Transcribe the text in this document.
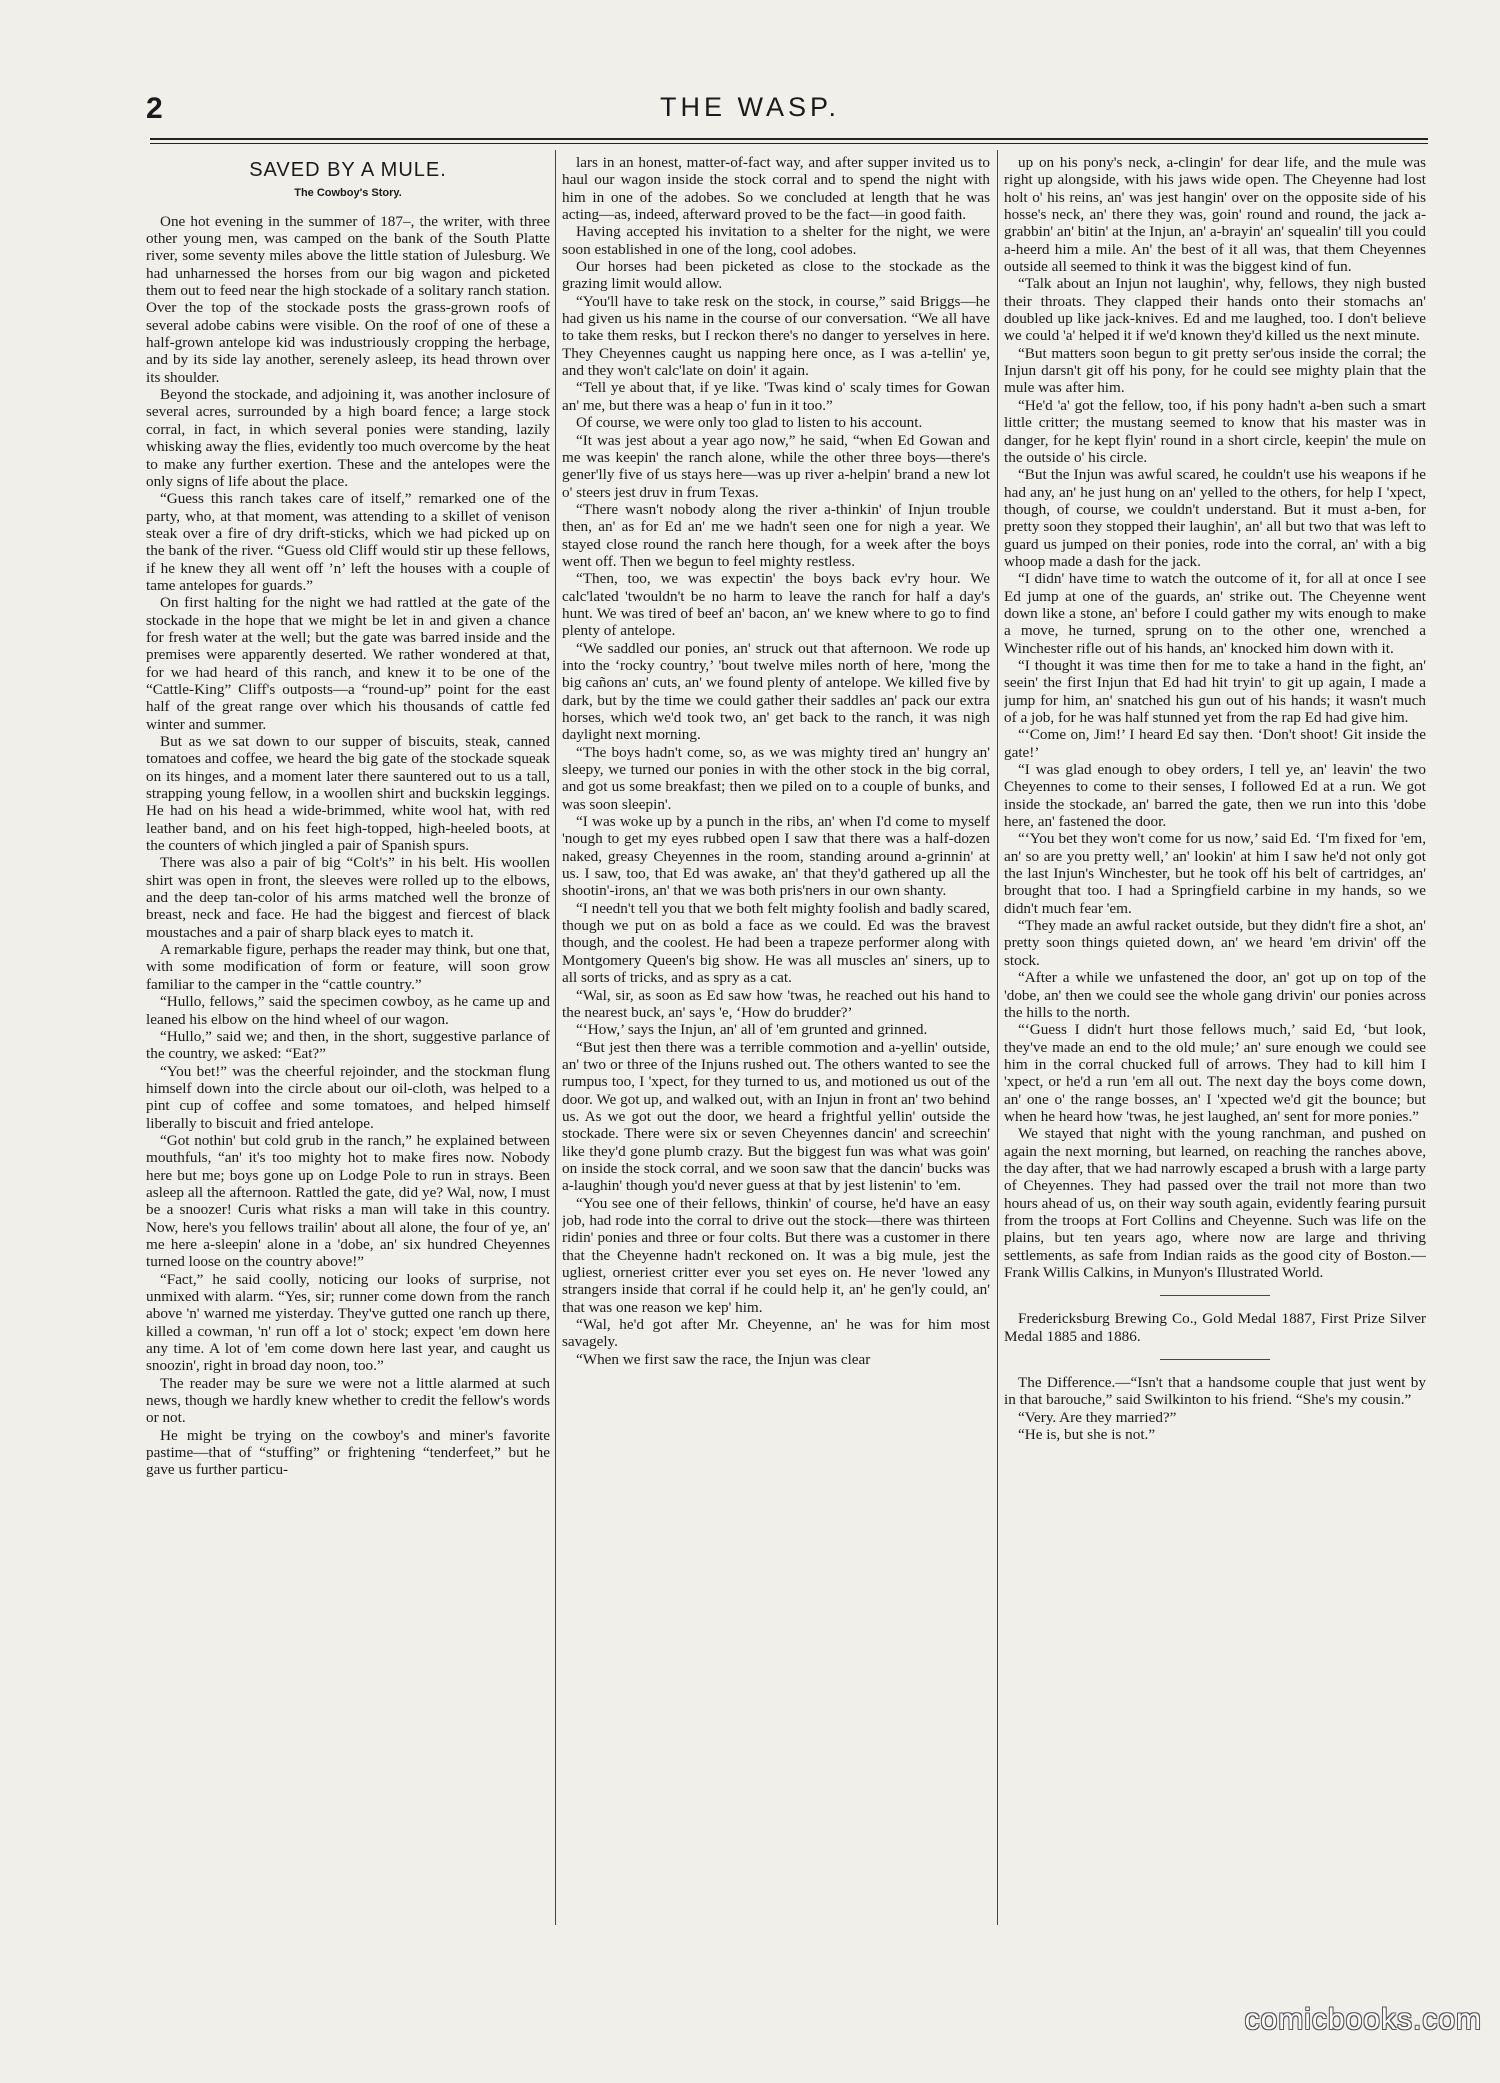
2	THE WASP.
SAVED BY A MULE.
The Cowboy's Story.

One hot evening in the summer of 187–, the writer, with three other young men, was camped on the bank of the South Platte river, some seventy miles above the little station of Julesburg. We had unharnessed the horses from our big wagon and picketed them out to feed near the high stockade of a solitary ranch station. Over the top of the stockade posts the grass-grown roofs of several adobe cabins were visible. On the roof of one of these a half-grown antelope kid was industriously cropping the herbage, and by its side lay another, serenely asleep, its head thrown over its shoulder.

Beyond the stockade, and adjoining it, was another inclosure of several acres, surrounded by a high board fence; a large stock corral, in fact, in which several ponies were standing, lazily whisking away the flies, evidently too much overcome by the heat to make any further exertion. These and the antelopes were the only signs of life about the place.

“Guess this ranch takes care of itself,” remarked one of the party, who, at that moment, was attending to a skillet of venison steak over a fire of dry drift-sticks, which we had picked up on the bank of the river. “Guess old Cliff would stir up these fellows, if he knew they all went off ’n’ left the houses with a couple of tame antelopes for guards.”

On first halting for the night we had rattled at the gate of the stockade in the hope that we might be let in and given a chance for fresh water at the well; but the gate was barred inside and the premises were apparently deserted. We rather wondered at that, for we had heard of this ranch, and knew it to be one of the “Cattle-King” Cliff's outposts—a “round-up” point for the east half of the great range over which his thousands of cattle fed winter and summer.

But as we sat down to our supper of biscuits, steak, canned tomatoes and coffee, we heard the big gate of the stockade squeak on its hinges, and a moment later there sauntered out to us a tall, strapping young fellow, in a woollen shirt and buckskin leggings. He had on his head a wide-brimmed, white wool hat, with red leather band, and on his feet high-topped, high-heeled boots, at the counters of which jingled a pair of Spanish spurs.

There was also a pair of big “Colt's” in his belt. His woollen shirt was open in front, the sleeves were rolled up to the elbows, and the deep tan-color of his arms matched well the bronze of breast, neck and face. He had the biggest and fiercest of black moustaches and a pair of sharp black eyes to match it.

A remarkable figure, perhaps the reader may think, but one that, with some modification of form or feature, will soon grow familiar to the camper in the “cattle country.”

“Hullo, fellows,” said the specimen cowboy, as he came up and leaned his elbow on the hind wheel of our wagon.

“Hullo,” said we; and then, in the short, suggestive parlance of the country, we asked: “Eat?”

“You bet!” was the cheerful rejoinder, and the stockman flung himself down into the circle about our oil-cloth, was helped to a pint cup of coffee and some tomatoes, and helped himself liberally to biscuit and fried antelope.

“Got nothin' but cold grub in the ranch,” he explained between mouthfuls, “an' it's too mighty hot to make fires now. Nobody here but me; boys gone up on Lodge Pole to run in strays. Been asleep all the afternoon. Rattled the gate, did ye? Wal, now, I must be a snoozer! Curis what risks a man will take in this country. Now, here's you fellows trailin' about all alone, the four of ye, an' me here a-sleepin' alone in a 'dobe, an' six hundred Cheyennes turned loose on the country above!”

“Fact,” he said coolly, noticing our looks of surprise, not unmixed with alarm. “Yes, sir; runner come down from the ranch above 'n' warned me yisterday. They've gutted one ranch up there, killed a cowman, 'n' run off a lot o' stock; expect 'em down here any time. A lot of 'em come down here last year, and caught us snoozin', right in broad day noon, too.”

The reader may be sure we were not a little alarmed at such news, though we hardly knew whether to credit the fellow's words or not.

He might be trying on the cowboy's and miner's favorite pastime—that of “stuffing” or frightening “tenderfeet,” but he gave us further particu-

lars in an honest, matter-of-fact way, and after supper invited us to haul our wagon inside the stock corral and to spend the night with him in one of the adobes. So we concluded at length that he was acting—as, indeed, afterward proved to be the fact—in good faith.

Having accepted his invitation to a shelter for the night, we were soon established in one of the long, cool adobes.

Our horses had been picketed as close to the stockade as the grazing limit would allow.

“You'll have to take resk on the stock, in course,” said Briggs—he had given us his name in the course of our conversation. “We all have to take them resks, but I reckon there's no danger to yerselves in here. They Cheyennes caught us napping here once, as I was a-tellin' ye, and they won't calc'late on doin' it again.

“Tell ye about that, if ye like. 'Twas kind o' scaly times for Gowan an' me, but there was a heap o' fun in it too.”

Of course, we were only too glad to listen to his account.

“It was jest about a year ago now,” he said, “when Ed Gowan and me was keepin' the ranch alone, while the other three boys—there's gener'lly five of us stays here—was up river a-helpin' brand a new lot o' steers jest druv in frum Texas.

“There wasn't nobody along the river a-thinkin' of Injun trouble then, an' as for Ed an' me we hadn't seen one for nigh a year. We stayed close round the ranch here though, for a week after the boys went off. Then we begun to feel mighty restless.

“Then, too, we was expectin' the boys back ev'ry hour. We calc'lated 'twouldn't be no harm to leave the ranch for half a day's hunt. We was tired of beef an' bacon, an' we knew where to go to find plenty of antelope.

“We saddled our ponies, an' struck out that afternoon. We rode up into the ‘rocky country,’ 'bout twelve miles north of here, 'mong the big cañons an' cuts, an' we found plenty of antelope. We killed five by dark, but by the time we could gather their saddles an' pack our extra horses, which we'd took two, an' get back to the ranch, it was nigh daylight next morning.

“The boys hadn't come, so, as we was mighty tired an' hungry an' sleepy, we turned our ponies in with the other stock in the big corral, and got us some breakfast; then we piled on to a couple of bunks, and was soon sleepin'.

“I was woke up by a punch in the ribs, an' when I'd come to myself 'nough to get my eyes rubbed open I saw that there was a half-dozen naked, greasy Cheyennes in the room, standing around a-grinnin' at us. I saw, too, that Ed was awake, an' that they'd gathered up all the shootin'-irons, an' that we was both pris'ners in our own shanty.

“I needn't tell you that we both felt mighty foolish and badly scared, though we put on as bold a face as we could. Ed was the bravest though, and the coolest. He had been a trapeze performer along with Montgomery Queen's big show. He was all muscles an' siners, up to all sorts of tricks, and as spry as a cat.

“Wal, sir, as soon as Ed saw how 'twas, he reached out his hand to the nearest buck, an' says 'e, ‘How do brudder?’

“‘How,’ says the Injun, an' all of 'em grunted and grinned.

“But jest then there was a terrible commotion and a-yellin' outside, an' two or three of the Injuns rushed out. The others wanted to see the rumpus too, I 'xpect, for they turned to us, and motioned us out of the door. We got up, and walked out, with an Injun in front an' two behind us. As we got out the door, we heard a frightful yellin' outside the stockade. There were six or seven Cheyennes dancin' and screechin' like they'd gone plumb crazy. But the biggest fun was what was goin' on inside the stock corral, and we soon saw that the dancin' bucks was a-laughin' though you'd never guess at that by jest listenin' to 'em.

“You see one of their fellows, thinkin' of course, he'd have an easy job, had rode into the corral to drive out the stock—there was thirteen ridin' ponies and three or four colts. But there was a customer in there that the Cheyenne hadn't reckoned on. It was a big mule, jest the ugliest, orneriest critter ever you set eyes on. He never 'lowed any strangers inside that corral if he could help it, an' he gen'ly could, an' that was one reason we kep' him.

“Wal, he'd got after Mr. Cheyenne, an' he was for him most savagely.

“When we first saw the race, the Injun was clear

up on his pony's neck, a-clingin' for dear life, and the mule was right up alongside, with his jaws wide open. The Cheyenne had lost holt o' his reins, an' was jest hangin' over on the opposite side of his hosse's neck, an' there they was, goin' round and round, the jack a-grabbin' an' bitin' at the Injun, an' a-brayin' an' squealin' till you could a-heerd him a mile. An' the best of it all was, that them Cheyennes outside all seemed to think it was the biggest kind of fun.

“Talk about an Injun not laughin', why, fellows, they nigh busted their throats. They clapped their hands onto their stomachs an' doubled up like jack-knives. Ed and me laughed, too. I don't believe we could 'a' helped it if we'd known they'd killed us the next minute.

“But matters soon begun to git pretty ser'ous inside the corral; the Injun darsn't git off his pony, for he could see mighty plain that the mule was after him.

“He'd 'a' got the fellow, too, if his pony hadn't a-ben such a smart little critter; the mustang seemed to know that his master was in danger, for he kept flyin' round in a short circle, keepin' the mule on the outside o' his circle.

“But the Injun was awful scared, he couldn't use his weapons if he had any, an' he just hung on an' yelled to the others, for help I 'xpect, though, of course, we couldn't understand. But it must a-ben, for pretty soon they stopped their laughin', an' all but two that was left to guard us jumped on their ponies, rode into the corral, an' with a big whoop made a dash for the jack.

“I didn' have time to watch the outcome of it, for all at once I see Ed jump at one of the guards, an' strike out. The Cheyenne went down like a stone, an' before I could gather my wits enough to make a move, he turned, sprung on to the other one, wrenched a Winchester rifle out of his hands, an' knocked him down with it.

“I thought it was time then for me to take a hand in the fight, an' seein' the first Injun that Ed had hit tryin' to git up again, I made a jump for him, an' snatched his gun out of his hands; it wasn't much of a job, for he was half stunned yet from the rap Ed had give him.

“‘Come on, Jim!’ I heard Ed say then. ‘Don't shoot! Git inside the gate!’

“I was glad enough to obey orders, I tell ye, an' leavin' the two Cheyennes to come to their senses, I followed Ed at a run. We got inside the stockade, an' barred the gate, then we run into this 'dobe here, an' fastened the door.

“‘You bet they won't come for us now,’ said Ed. ‘I'm fixed for 'em, an' so are you pretty well,’ an' lookin' at him I saw he'd not only got the last Injun's Winchester, but he took off his belt of cartridges, an' brought that too. I had a Springfield carbine in my hands, so we didn't much fear 'em.

“They made an awful racket outside, but they didn't fire a shot, an' pretty soon things quieted down, an' we heard 'em drivin' off the stock.

“After a while we unfastened the door, an' got up on top of the 'dobe, an' then we could see the whole gang drivin' our ponies across the hills to the north.

“‘Guess I didn't hurt those fellows much,’ said Ed, ‘but look, they've made an end to the old mule;’ an' sure enough we could see him in the corral chucked full of arrows. They had to kill him I 'xpect, or he'd a run 'em all out. The next day the boys come down, an' one o' the range bosses, an' I 'xpected we'd git the bounce; but when he heard how 'twas, he jest laughed, an' sent for more ponies.”

We stayed that night with the young ranchman, and pushed on again the next morning, but learned, on reaching the ranches above, the day after, that we had narrowly escaped a brush with a large party of Cheyennes. They had passed over the trail not more than two hours ahead of us, on their way south again, evidently fearing pursuit from the troops at Fort Collins and Cheyenne. Such was life on the plains, but ten years ago, where now are large and thriving settlements, as safe from Indian raids as the good city of Boston.—Frank Willis Calkins, in Munyon's Illustrated World.

Fredericksburg Brewing Co., Gold Medal 1887, First Prize Silver Medal 1885 and 1886.

The Difference.—“Isn't that a handsome couple that just went by in that barouche,” said Swilkinton to his friend. “She's my cousin.”

“Very. Are they married?”

“He is, but she is not.”

comicbooks.com
